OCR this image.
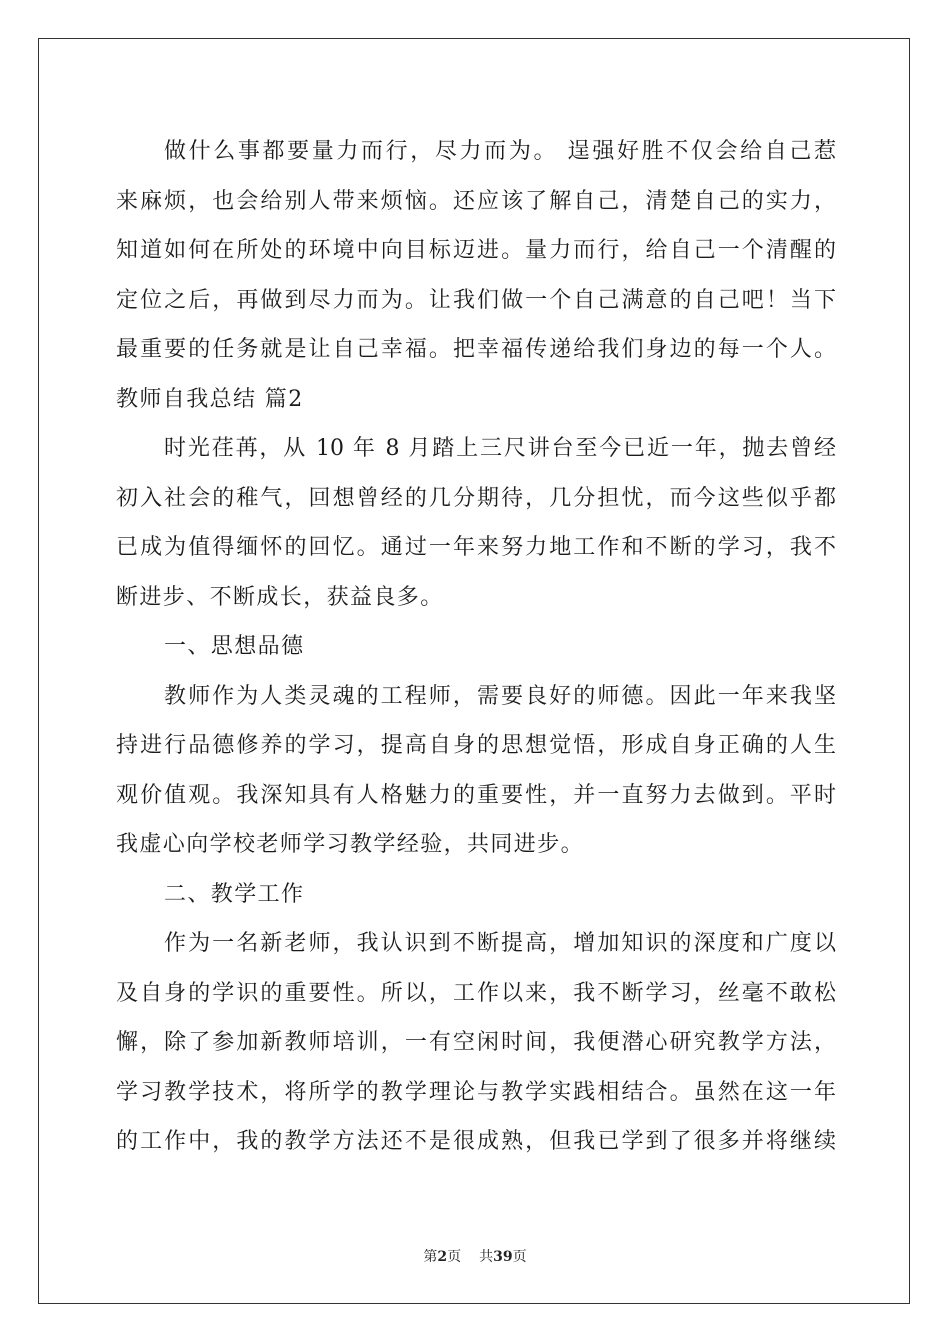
做什么事都要量力而行，尽力而为。 逞强好胜不仅会给自己惹
来麻烦，也会给别人带来烦恼。还应该了解自己，清楚自己的实力，
知道如何在所处的环境中向目标迈进。量力而行，给自己一个清醒的
定位之后，再做到尽力而为。让我们做一个自己满意的自己吧！当下
最重要的任务就是让自己幸福。把幸福传递给我们身边的每一个人。
教师自我总结 篇2
时光荏苒，从 10 年 8 月踏上三尺讲台至今已近一年，抛去曾经
初入社会的稚气，回想曾经的几分期待，几分担忧，而今这些似乎都
已成为值得缅怀的回忆。通过一年来努力地工作和不断的学习，我不
断进步、不断成长，获益良多。
一、思想品德
教师作为人类灵魂的工程师，需要良好的师德。因此一年来我坚
持进行品德修养的学习，提高自身的思想觉悟，形成自身正确的人生
观价值观。我深知具有人格魅力的重要性，并一直努力去做到。平时
我虚心向学校老师学习教学经验，共同进步。
二、教学工作
作为一名新老师，我认识到不断提高，增加知识的深度和广度以
及自身的学识的重要性。所以，工作以来，我不断学习，丝毫不敢松
懈，除了参加新教师培训，一有空闲时间，我便潜心研究教学方法，
学习教学技术，将所学的教学理论与教学实践相结合。虽然在这一年
的工作中，我的教学方法还不是很成熟，但我已学到了很多并将继续
第2页 共39页
